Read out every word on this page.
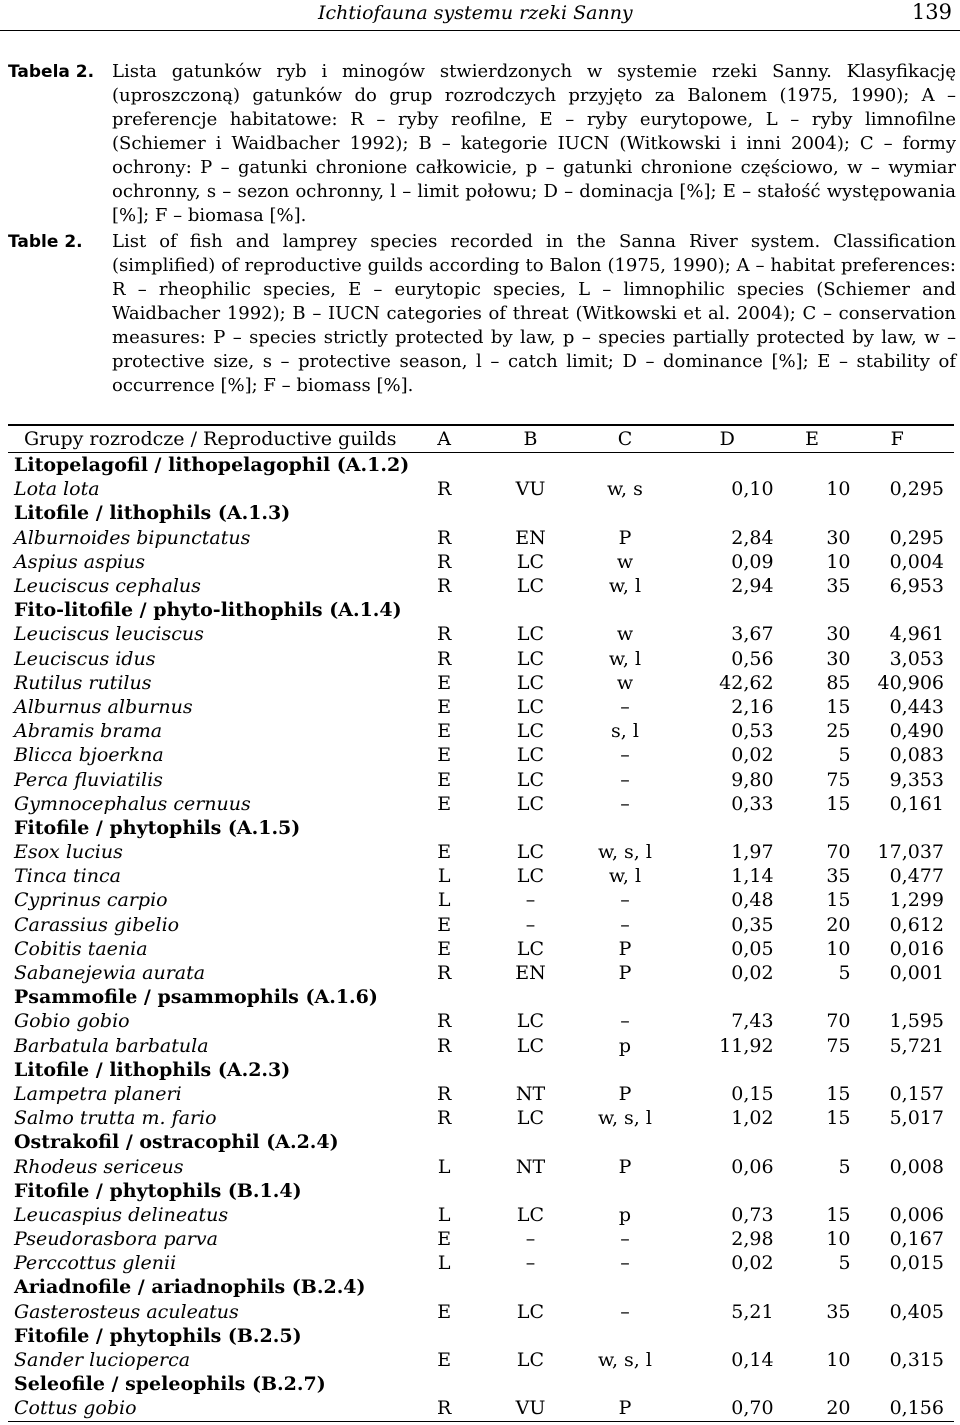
Ichtiofauna systemu rzeki Sanny	139
Tabela 2. Lista gatunków ryb i minogów stwierdzonych w systemie rzeki Sanny. Klasyfikację (uproszczoną) gatunków do grup rozrodczych przyjęto za Balonem (1975, 1990); A – preferencje habitatowe: R – ryby reofilne, E – ryby eurytopowe, L – ryby limnofilne (Schiemer i Waidbacher 1992); B – kategorie IUCN (Witkowski i inni 2004); C – formy ochrony: P – gatunki chronione całkowicie, p – gatunki chronione częściowo, w – wymiar ochronny, s – sezon ochronny, l – limit połowu; D – dominacja [%]; E – stałość występowania [%]; F – biomasa [%].
Table 2. List of fish and lamprey species recorded in the Sanna River system. Classification (simplified) of reproductive guilds according to Balon (1975, 1990); A – habitat preferences: R – rheophilic species, E – eurytopic species, L – limnophilic species (Schiemer and Waidbacher 1992); B – IUCN categories of threat (Witkowski et al. 2004); C – conservation measures: P – species strictly protected by law, p – species partially protected by law, w – protective size, s – protective season, l – catch limit; D – dominance [%]; E – stability of occurrence [%]; F – biomass [%].
Grupy rozrodcze / Reproductive guilds	A	B	C	D	E	F
Litopelagofil / lithopelagophil (A.1.2)						
Lota lota	R	VU	w, s	0,10	10	0,295
Litofile / lithophils (A.1.3)						
Alburnoides bipunctatus	R	EN	P	2,84	30	0,295
Aspius aspius	R	LC	w	0,09	10	0,004
Leuciscus cephalus	R	LC	w, l	2,94	35	6,953
Fito-litofile / phyto-lithophils (A.1.4)						
Leuciscus leuciscus	R	LC	w	3,67	30	4,961
Leuciscus idus	R	LC	w, l	0,56	30	3,053
Rutilus rutilus	E	LC	w	42,62	85	40,906
Alburnus alburnus	E	LC	–	2,16	15	0,443
Abramis brama	E	LC	s, l	0,53	25	0,490
Blicca bjoerkna	E	LC	–	0,02	5	0,083
Perca fluviatilis	E	LC	–	9,80	75	9,353
Gymnocephalus cernuus	E	LC	–	0,33	15	0,161
Fitofile / phytophils (A.1.5)						
Esox lucius	E	LC	w, s, l	1,97	70	17,037
Tinca tinca	L	LC	w, l	1,14	35	0,477
Cyprinus carpio	L	–	–	0,48	15	1,299
Carassius gibelio	E	–	–	0,35	20	0,612
Cobitis taenia	E	LC	P	0,05	10	0,016
Sabanejewia aurata	R	EN	P	0,02	5	0,001
Psammofile / psammophils (A.1.6)						
Gobio gobio	R	LC	–	7,43	70	1,595
Barbatula barbatula	R	LC	p	11,92	75	5,721
Litofile / lithophils (A.2.3)						
Lampetra planeri	R	NT	P	0,15	15	0,157
Salmo trutta m. fario	R	LC	w, s, l	1,02	15	5,017
Ostrakofil / ostracophil (A.2.4)						
Rhodeus sericeus	L	NT	P	0,06	5	0,008
Fitofile / phytophils (B.1.4)						
Leucaspius delineatus	L	LC	p	0,73	15	0,006
Pseudorasbora parva	E	–	–	2,98	10	0,167
Perccottus glenii	L	–	–	0,02	5	0,015
Ariadnofile / ariadnophils (B.2.4)						
Gasterosteus aculeatus	E	LC	–	5,21	35	0,405
Fitofile / phytophils (B.2.5)						
Sander lucioperca	E	LC	w, s, l	0,14	10	0,315
Seleofile / speleophils (B.2.7)						
Cottus gobio	R	VU	P	0,70	20	0,156
